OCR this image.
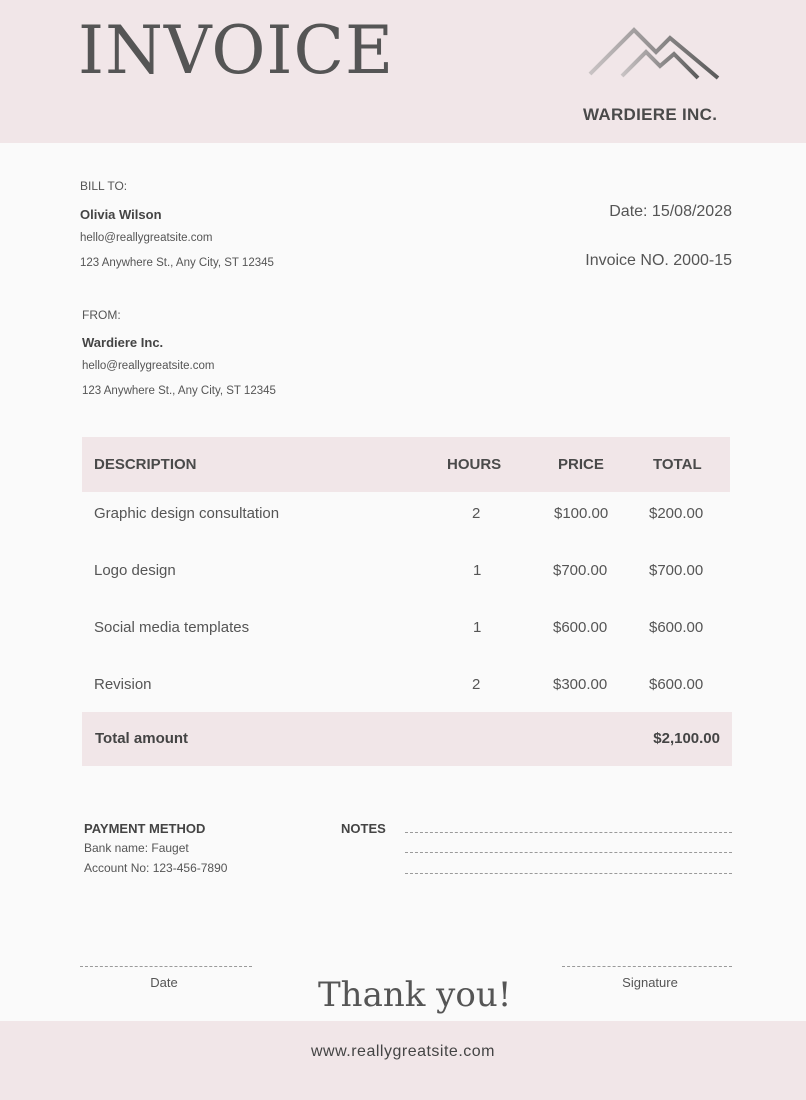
INVOICE
WARDIERE INC.
BILL TO:
Olivia Wilson
hello@reallygreatsite.com
123 Anywhere St., Any City, ST 12345
Date: 15/08/2028
Invoice NO. 2000-15
FROM:
Wardiere Inc.
hello@reallygreatsite.com
123 Anywhere St., Any City, ST 12345
DESCRIPTION	HOURS	PRICE	TOTAL
Graphic design consultation	2	$100.00	$200.00
Logo design	1	$700.00	$700.00
Social media templates	1	$600.00	$600.00
Revision	2	$300.00	$600.00
Total amount	$2,100.00
PAYMENT METHOD
Bank name: Fauget
Account No: 123-456-7890
NOTES
Date	Signature
Thank you!
www.reallygreatsite.com
